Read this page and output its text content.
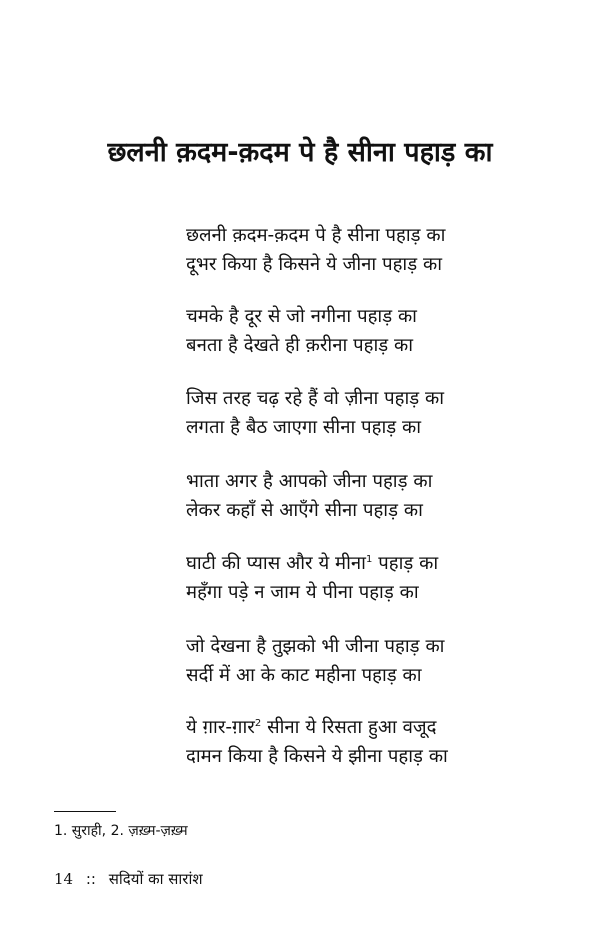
छलनी क़दम-क़दम पे है सीना पहाड़ का
छलनी क़दम-क़दम पे है सीना पहाड़ का
दूभर किया है किसने ये जीना पहाड़ का
चमके है दूर से जो नगीना पहाड़ का
बनता है देखते ही क़रीना पहाड़ का
जिस तरह चढ़ रहे हैं वो ज़ीना पहाड़ का
लगता है बैठ जाएगा सीना पहाड़ का
भाता अगर है आपको जीना पहाड़ का
लेकर कहाँ से आएँगे सीना पहाड़ का
घाटी की प्यास और ये मीना$^1$ पहाड़ का
महँगा पड़े न जाम ये पीना पहाड़ का
जो देखना है तुझको भी जीना पहाड़ का
सर्दी में आ के काट महीना पहाड़ का
ये ग़ार-ग़ार$^2$ सीना ये रिसता हुआ वजूद
दामन किया है किसने ये झीना पहाड़ का
1. सुराही, 2. ज़ख़्म-ज़ख़्म
14 :: सदियों का सारांश
